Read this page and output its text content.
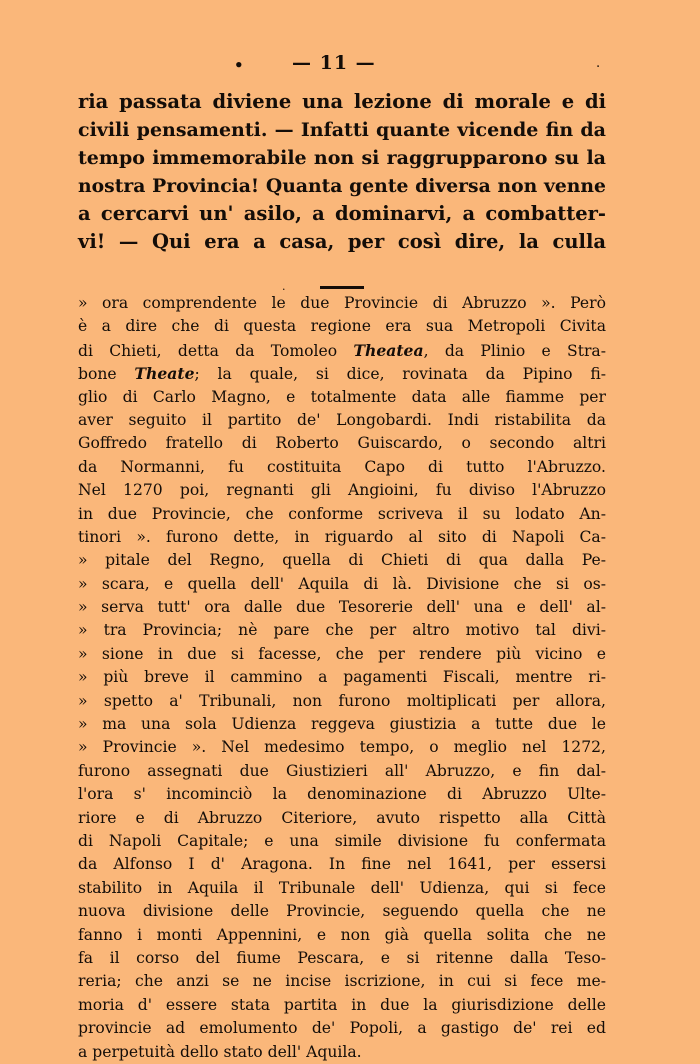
•	— 11 —	.
ria passata diviene una lezione di morale e di
civili pensamenti. — Infatti quante vicende fin da
tempo immemorabile non si raggrupparono su la
nostra Provincia! Quanta gente diversa non venne
a cercarvi un' asilo, a dominarvi, a combatter-
vi! — Qui era a casa, per così dire, la culla
.
» ora comprendente le due Provincie di Abruzzo ». Però
è a dire che di questa regione era sua Metropoli Civita
di Chieti, detta da Tomoleo Theatea, da Plinio e Stra-
bone Theate; la quale, si dice, rovinata da Pipino fi-
glio di Carlo Magno, e totalmente data alle fiamme per
aver seguito il partito de' Longobardi. Indi ristabilita da
Goffredo fratello di Roberto Guiscardo, o secondo altri
da Normanni, fu costituita Capo di tutto l'Abruzzo.
Nel 1270 poi, regnanti gli Angioini, fu diviso l'Abruzzo
in due Provincie, che conforme scriveva il su lodato An-
tinori ». furono dette, in riguardo al sito di Napoli Ca-
» pitale del Regno, quella di Chieti di qua dalla Pe-
» scara, e quella dell' Aquila di là. Divisione che si os-
» serva tutt' ora dalle due Tesorerie dell' una e dell' al-
» tra Provincia; nè pare che per altro motivo tal divi-
» sione in due si facesse, che per rendere più vicino e
» più breve il cammino a pagamenti Fiscali, mentre ri-
» spetto a' Tribunali, non furono moltiplicati per allora,
» ma una sola Udienza reggeva giustizia a tutte due le
» Provincie ». Nel medesimo tempo, o meglio nel 1272,
furono assegnati due Giustizieri all' Abruzzo, e fin dal-
l'ora s' incominciò la denominazione di Abruzzo Ulte-
riore e di Abruzzo Citeriore, avuto rispetto alla Città
di Napoli Capitale; e una simile divisione fu confermata
da Alfonso I d' Aragona. In fine nel 1641, per essersi
stabilito in Aquila il Tribunale dell' Udienza, qui si fece
nuova divisione delle Provincie, seguendo quella che ne
fanno i monti Appennini, e non già quella solita che ne
fa il corso del fiume Pescara, e si ritenne dalla Teso-
reria; che anzi se ne incise iscrizione, in cui si fece me-
moria d' essere stata partita in due la giurisdizione delle
provincie ad emolumento de' Popoli, a gastigo de' rei ed
a perpetuità dello stato dell' Aquila.
